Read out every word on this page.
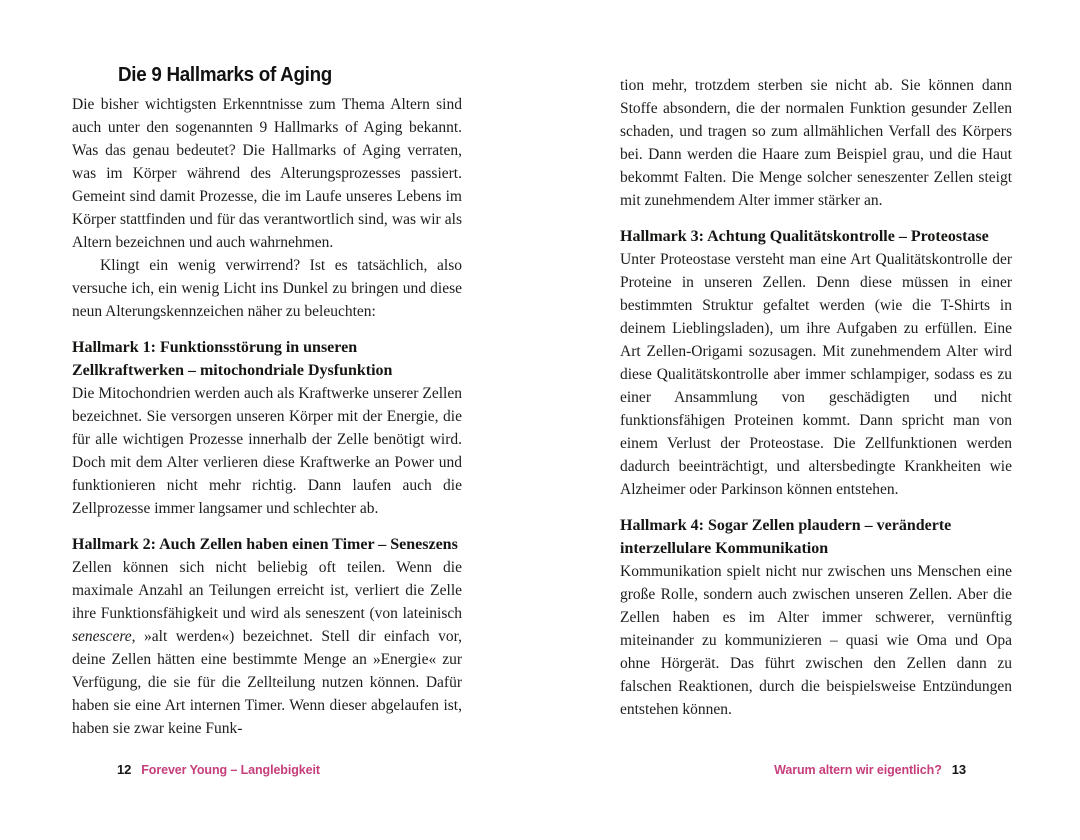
Die 9 Hallmarks of Aging

Die bisher wichtigsten Erkenntnisse zum Thema Altern sind auch unter den sogenannten 9 Hallmarks of Aging bekannt. Was das genau bedeutet? Die Hallmarks of Aging verraten, was im Körper während des Alterungsprozesses passiert. Gemeint sind damit Prozesse, die im Laufe unseres Lebens im Körper stattfinden und für das verantwortlich sind, was wir als Altern bezeichnen und auch wahrnehmen.

Klingt ein wenig verwirrend? Ist es tatsächlich, also versuche ich, ein wenig Licht ins Dunkel zu bringen und diese neun Alterungskennzeichen näher zu beleuchten:

Hallmark 1: Funktionsstörung in unseren Zellkraftwerken – mitochondriale Dysfunktion

Die Mitochondrien werden auch als Kraftwerke unserer Zellen bezeichnet. Sie versorgen unseren Körper mit der Energie, die für alle wichtigen Prozesse innerhalb der Zelle benötigt wird. Doch mit dem Alter verlieren diese Kraftwerke an Power und funktionieren nicht mehr richtig. Dann laufen auch die Zellprozesse immer langsamer und schlechter ab.

Hallmark 2: Auch Zellen haben einen Timer – Seneszens

Zellen können sich nicht beliebig oft teilen. Wenn die maximale Anzahl an Teilungen erreicht ist, verliert die Zelle ihre Funktionsfähigkeit und wird als seneszent (von lateinisch senescere, »alt werden«) bezeichnet. Stell dir einfach vor, deine Zellen hätten eine bestimmte Menge an »Energie« zur Verfügung, die sie für die Zellteilung nutzen können. Dafür haben sie eine Art internen Timer. Wenn dieser abgelaufen ist, haben sie zwar keine Funk-

tion mehr, trotzdem sterben sie nicht ab. Sie können dann Stoffe absondern, die der normalen Funktion gesunder Zellen schaden, und tragen so zum allmählichen Verfall des Körpers bei. Dann werden die Haare zum Beispiel grau, und die Haut bekommt Falten. Die Menge solcher seneszenter Zellen steigt mit zunehmendem Alter immer stärker an.

Hallmark 3: Achtung Qualitätskontrolle – Proteostase

Unter Proteostase versteht man eine Art Qualitätskontrolle der Proteine in unseren Zellen. Denn diese müssen in einer bestimmten Struktur gefaltet werden (wie die T-Shirts in deinem Lieblingsladen), um ihre Aufgaben zu erfüllen. Eine Art Zellen-Origami sozusagen. Mit zunehmendem Alter wird diese Qualitätskontrolle aber immer schlampiger, sodass es zu einer Ansammlung von geschädigten und nicht funktionsfähigen Proteinen kommt. Dann spricht man von einem Verlust der Proteostase. Die Zellfunktionen werden dadurch beeinträchtigt, und altersbedingte Krankheiten wie Alzheimer oder Parkinson können entstehen.

Hallmark 4: Sogar Zellen plaudern – veränderte interzellulare Kommunikation

Kommunikation spielt nicht nur zwischen uns Menschen eine große Rolle, sondern auch zwischen unseren Zellen. Aber die Zellen haben es im Alter immer schwerer, vernünftig miteinander zu kommunizieren – quasi wie Oma und Opa ohne Hörgerät. Das führt zwischen den Zellen dann zu falschen Reaktionen, durch die beispielsweise Entzündungen entstehen können.

12 Forever Young – Langlebigkeit	Warum altern wir eigentlich? 13
